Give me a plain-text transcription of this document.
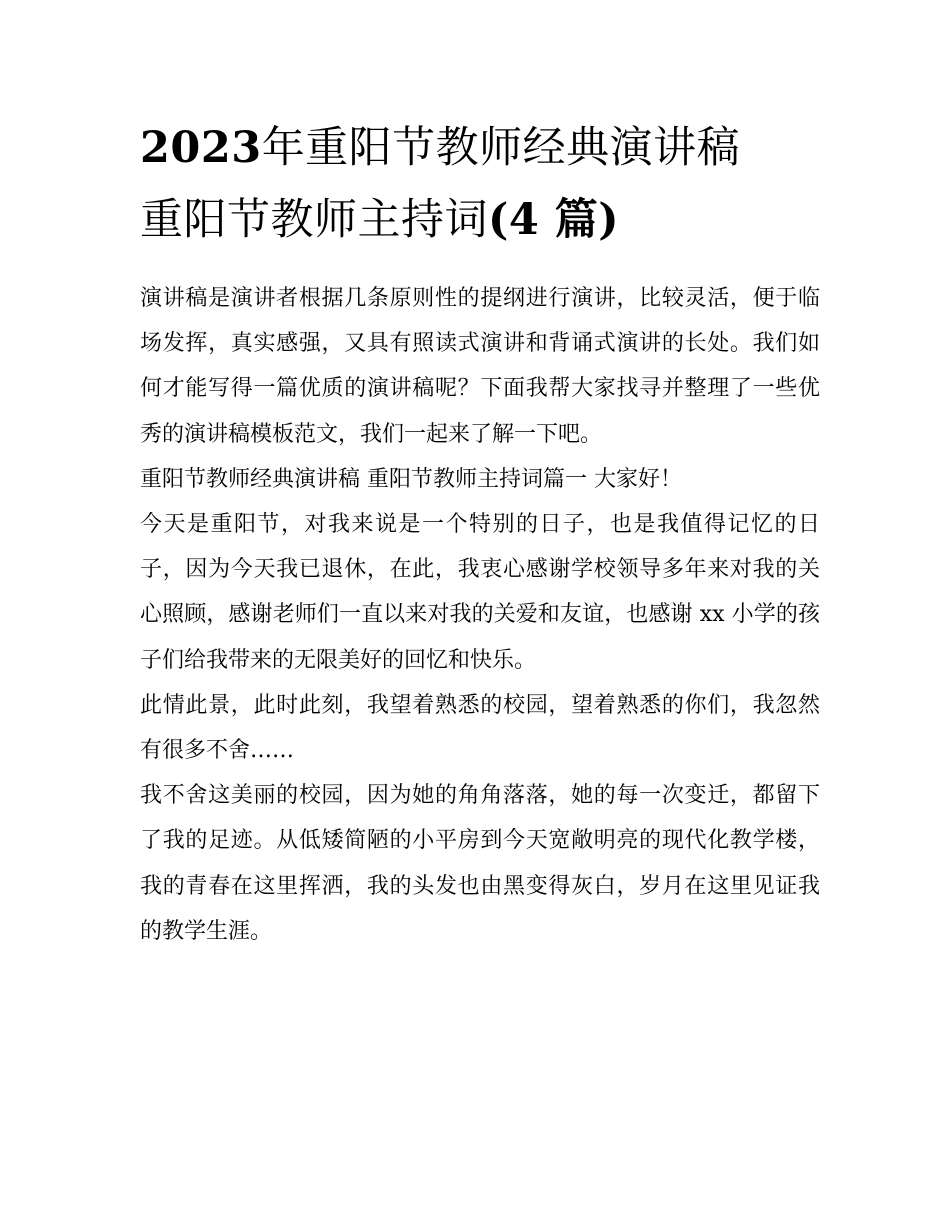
2023年重阳节教师经典演讲稿
重阳节教师主持词(4 篇)

演讲稿是演讲者根据几条原则性的提纲进行演讲，比较灵活，便于临场发挥，真实感强，又具有照读式演讲和背诵式演讲的长处。我们如何才能写得一篇优质的演讲稿呢？下面我帮大家找寻并整理了一些优秀的演讲稿模板范文，我们一起来了解一下吧。

重阳节教师经典演讲稿 重阳节教师主持词篇一 大家好！

今天是重阳节，对我来说是一个特别的日子，也是我值得记忆的日子，因为今天我已退休，在此，我衷心感谢学校领导多年来对我的关心照顾，感谢老师们一直以来对我的关爱和友谊，也感谢 xx 小学的孩子们给我带来的无限美好的回忆和快乐。

此情此景，此时此刻，我望着熟悉的校园，望着熟悉的你们，我忽然有很多不舍……

我不舍这美丽的校园，因为她的角角落落，她的每一次变迁，都留下了我的足迹。从低矮简陋的小平房到今天宽敞明亮的现代化教学楼，我的青春在这里挥洒，我的头发也由黑变得灰白，岁月在这里见证我的教学生涯。
